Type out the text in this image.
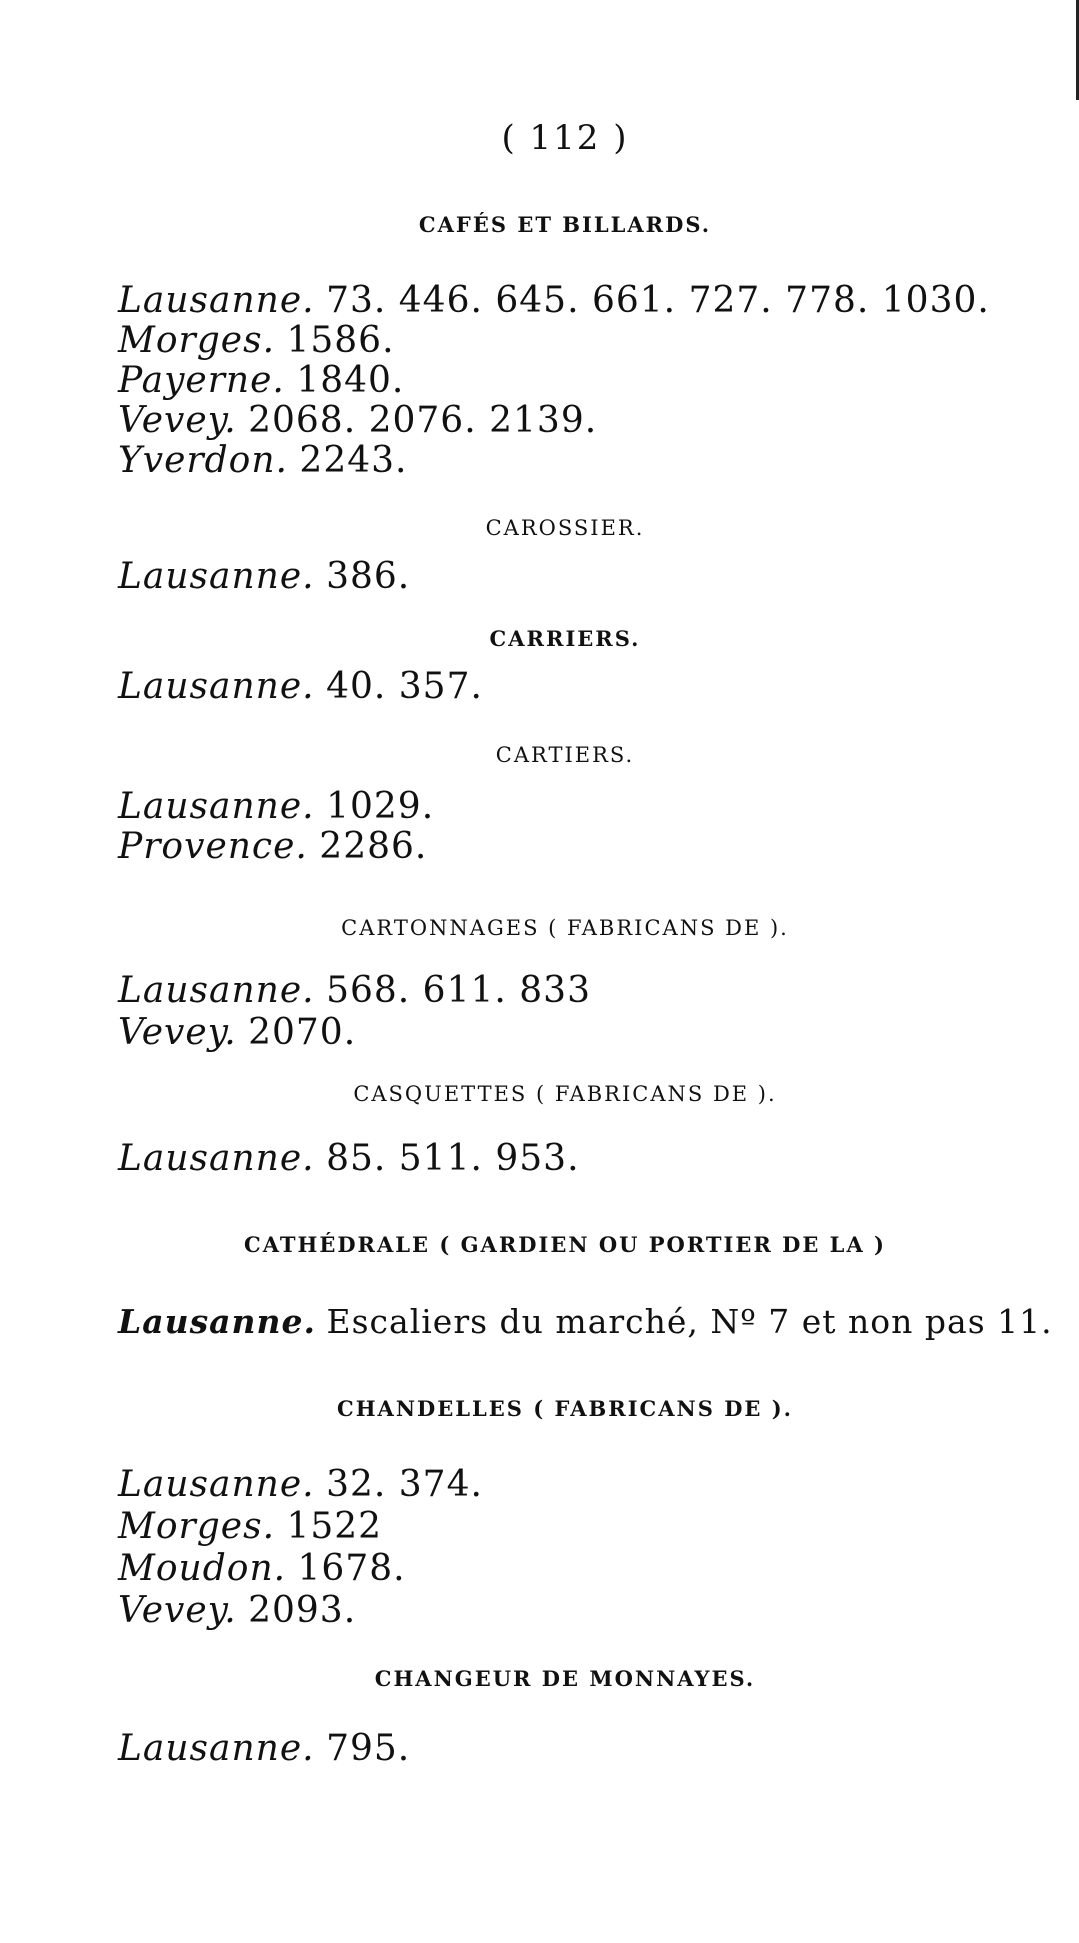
( 112 )
CAFÉS ET BILLARDS.
Lausanne. 73. 446. 645. 661. 727. 778. 1030.
Morges. 1586.
Payerne. 1840.
Vevey. 2068. 2076. 2139.
Yverdon. 2243.
CAROSSIER.
Lausanne. 386.
CARRIERS.
Lausanne. 40. 357.
CARTIERS.
Lausanne. 1029.
Provence. 2286.
CARTONNAGES ( FABRICANS DE ).
Lausanne. 568. 611. 833
Vevey. 2070.
CASQUETTES ( FABRICANS DE ).
Lausanne. 85. 511. 953.
CATHÉDRALE ( GARDIEN OU PORTIER DE LA )
Lausanne. Escaliers du marché, Nº 7 et non pas 11.
CHANDELLES ( FABRICANS DE ).
Lausanne. 32. 374.
Morges. 1522
Moudon. 1678.
Vevey. 2093.
CHANGEUR DE MONNAYES.
Lausanne. 795.
